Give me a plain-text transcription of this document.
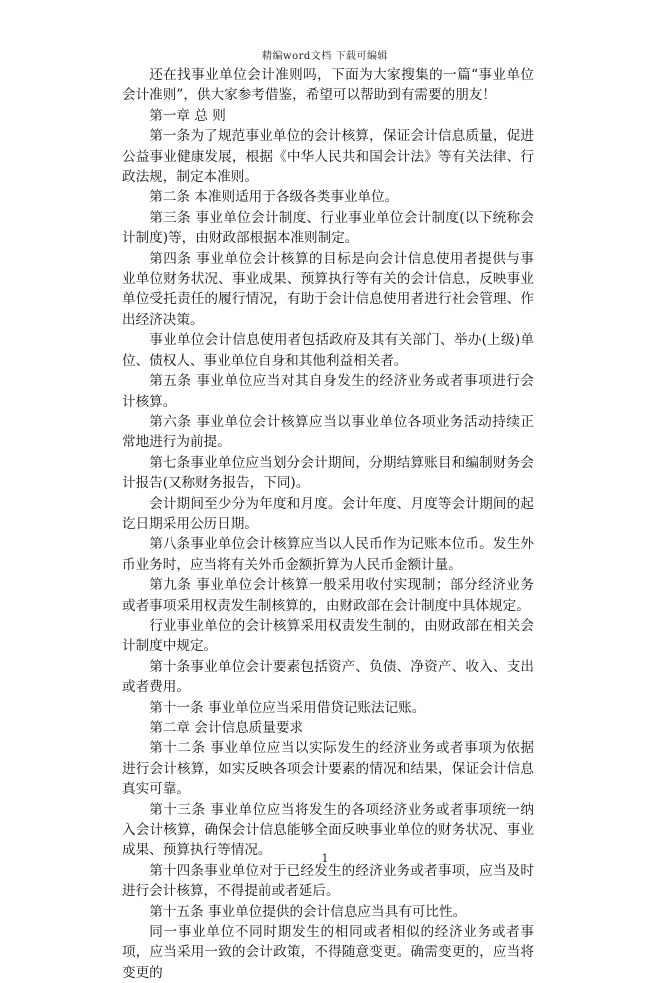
精编word文档 下载可编辑

还在找事业单位会计准则吗，下面为大家搜集的一篇“事业单位会计准则”，供大家参考借鉴，希望可以帮助到有需要的朋友！

第一章 总 则

第一条为了规范事业单位的会计核算，保证会计信息质量，促进公益事业健康发展，根据《中华人民共和国会计法》等有关法律、行政法规，制定本准则。

第二条 本准则适用于各级各类事业单位。

第三条 事业单位会计制度、行业事业单位会计制度(以下统称会计制度)等，由财政部根据本准则制定。

第四条 事业单位会计核算的目标是向会计信息使用者提供与事业单位财务状况、事业成果、预算执行等有关的会计信息，反映事业单位受托责任的履行情况，有助于会计信息使用者进行社会管理、作出经济决策。

事业单位会计信息使用者包括政府及其有关部门、举办(上级)单位、债权人、事业单位自身和其他利益相关者。

第五条 事业单位应当对其自身发生的经济业务或者事项进行会计核算。

第六条 事业单位会计核算应当以事业单位各项业务活动持续正常地进行为前提。

第七条事业单位应当划分会计期间，分期结算账目和编制财务会计报告(又称财务报告，下同)。

会计期间至少分为年度和月度。会计年度、月度等会计期间的起讫日期采用公历日期。

第八条事业单位会计核算应当以人民币作为记账本位币。发生外币业务时，应当将有关外币金额折算为人民币金额计量。

第九条 事业单位会计核算一般采用收付实现制；部分经济业务或者事项采用权责发生制核算的，由财政部在会计制度中具体规定。

行业事业单位的会计核算采用权责发生制的，由财政部在相关会计制度中规定。

第十条事业单位会计要素包括资产、负债、净资产、收入、支出或者费用。

第十一条 事业单位应当采用借贷记账法记账。

第二章 会计信息质量要求

第十二条 事业单位应当以实际发生的经济业务或者事项为依据进行会计核算，如实反映各项会计要素的情况和结果，保证会计信息真实可靠。

第十三条 事业单位应当将发生的各项经济业务或者事项统一纳入会计核算，确保会计信息能够全面反映事业单位的财务状况、事业成果、预算执行等情况。

第十四条事业单位对于已经发生的经济业务或者事项，应当及时进行会计核算，不得提前或者延后。

第十五条 事业单位提供的会计信息应当具有可比性。

同一事业单位不同时期发生的相同或者相似的经济业务或者事项，应当采用一致的会计政策，不得随意变更。确需变更的，应当将变更的

1
